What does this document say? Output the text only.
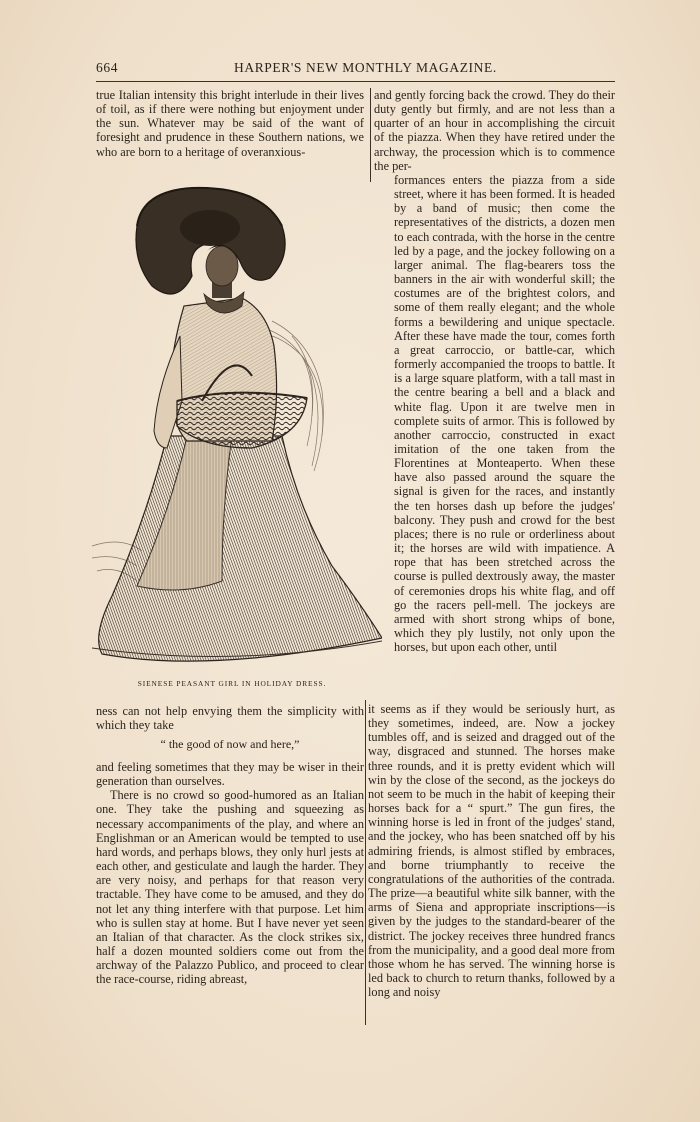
664	HARPER'S NEW MONTHLY MAGAZINE.

true Italian intensity this bright interlude in their lives of toil, as if there were nothing but enjoyment under the sun. Whatever may be said of the want of foresight and prudence in these Southern nations, we who are born to a heritage of overanxious-

SIENESE PEASANT GIRL IN HOLIDAY DRESS.

ness can not help envying them the simplicity with which they take

“ the good of now and here,”

and feeling sometimes that they may be wiser in their generation than ourselves.

There is no crowd so good-humored as an Italian one. They take the pushing and squeezing as necessary accompaniments of the play, and where an Englishman or an American would be tempted to use hard words, and perhaps blows, they only hurl jests at each other, and gesticulate and laugh the harder. They are very noisy, and perhaps for that reason very tractable. They have come to be amused, and they do not let any thing interfere with that purpose. Let him who is sullen stay at home. But I have never yet seen an Italian of that character. As the clock strikes six, half a dozen mounted soldiers come out from the archway of the Palazzo Publico, and proceed to clear the race-course, riding abreast,

and gently forcing back the crowd. They do their duty gently but firmly, and are not less than a quarter of an hour in accomplishing the circuit of the piazza. When they have retired under the archway, the procession which is to commence the per-

formances enters the piazza from a side street, where it has been formed. It is headed by a band of music; then come the representatives of the districts, a dozen men to each contrada, with the horse in the centre led by a page, and the jockey following on a larger animal. The flag-bearers toss the banners in the air with wonderful skill; the costumes are of the brightest colors, and some of them really elegant; and the whole forms a bewildering and unique spectacle. After these have made the tour, comes forth a great carroccio, or battle-car, which formerly accompanied the troops to battle. It is a large square platform, with a tall mast in the centre bearing a bell and a black and white flag. Upon it are twelve men in complete suits of armor. This is followed by another carroccio, constructed in exact imitation of the one taken from the Florentines at Monteaperto. When these have also passed around the square the signal is given for the races, and instantly the ten horses dash up before the judges' balcony. They push and crowd for the best places; there is no rule or orderliness about it; the horses are wild with impatience. A rope that has been stretched across the course is pulled dextrously away, the master of ceremonies drops his white flag, and off go the racers pell-mell. The jockeys are armed with short strong whips of bone, which they ply lustily, not only upon the horses, but upon each other, until

it seems as if they would be seriously hurt, as they sometimes, indeed, are. Now a jockey tumbles off, and is seized and dragged out of the way, disgraced and stunned. The horses make three rounds, and it is pretty evident which will win by the close of the second, as the jockeys do not seem to be much in the habit of keeping their horses back for a “ spurt.” The gun fires, the winning horse is led in front of the judges' stand, and the jockey, who has been snatched off by his admiring friends, is almost stifled by embraces, and borne triumphantly to receive the congratulations of the authorities of the contrada. The prize—a beautiful white silk banner, with the arms of Siena and appropriate inscriptions—is given by the judges to the standard-bearer of the district. The jockey receives three hundred francs from the municipality, and a good deal more from those whom he has served. The winning horse is led back to church to return thanks, followed by a long and noisy
